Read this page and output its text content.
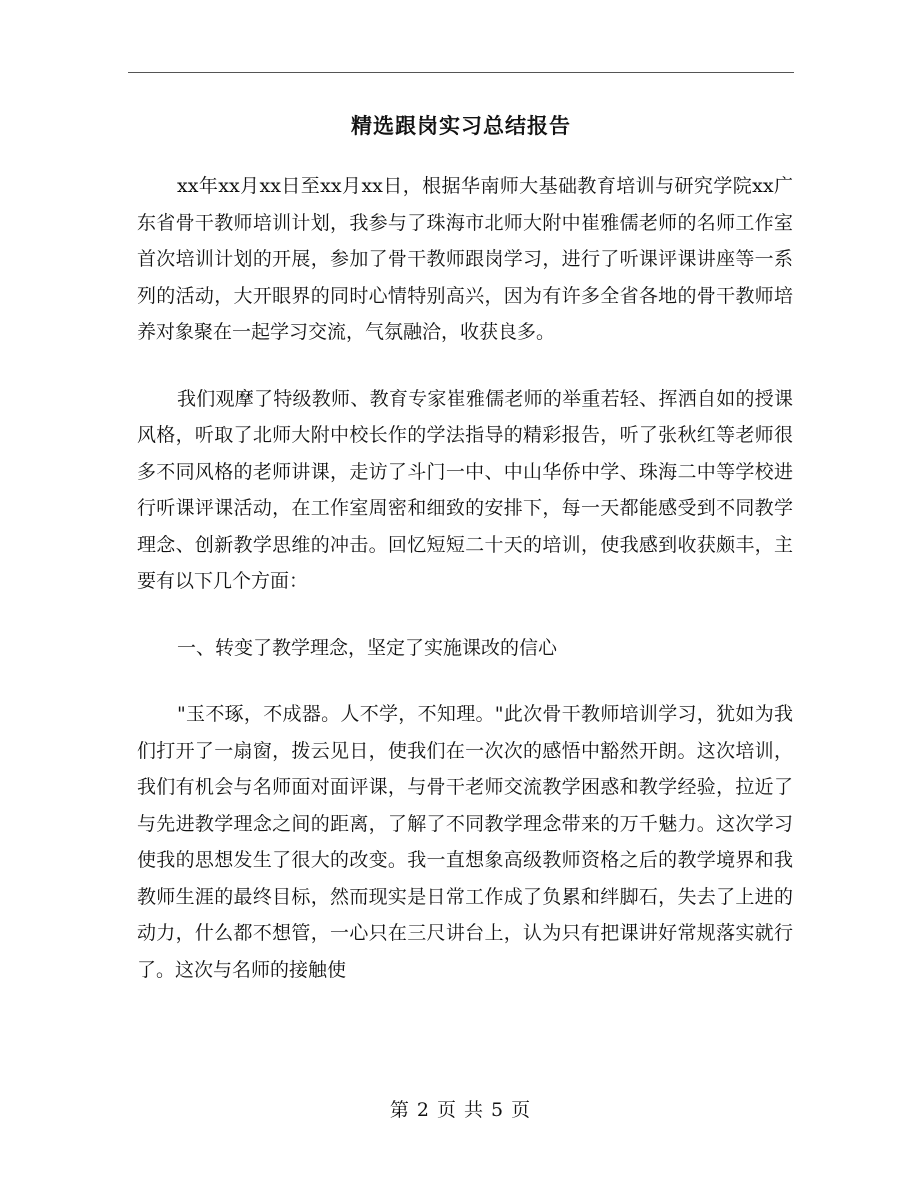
精选跟岗实习总结报告

xx年xx月xx日至xx月xx日，根据华南师大基础教育培训与研究学院xx广东省骨干教师培训计划，我参与了珠海市北师大附中崔雅儒老师的名师工作室首次培训计划的开展，参加了骨干教师跟岗学习，进行了听课评课讲座等一系列的活动，大开眼界的同时心情特别高兴，因为有许多全省各地的骨干教师培养对象聚在一起学习交流，气氛融洽，收获良多。

我们观摩了特级教师、教育专家崔雅儒老师的举重若轻、挥洒自如的授课风格，听取了北师大附中校长作的学法指导的精彩报告，听了张秋红等老师很多不同风格的老师讲课，走访了斗门一中、中山华侨中学、珠海二中等学校进行听课评课活动，在工作室周密和细致的安排下，每一天都能感受到不同教学理念、创新教学思维的冲击。回忆短短二十天的培训，使我感到收获颇丰，主要有以下几个方面：

一、转变了教学理念，坚定了实施课改的信心

"玉不琢，不成器。人不学，不知理。"此次骨干教师培训学习，犹如为我们打开了一扇窗，拨云见日，使我们在一次次的感悟中豁然开朗。这次培训，我们有机会与名师面对面评课，与骨干老师交流教学困惑和教学经验，拉近了与先进教学理念之间的距离，了解了不同教学理念带来的万千魅力。这次学习使我的思想发生了很大的改变。我一直想象高级教师资格之后的教学境界和我教师生涯的最终目标，然而现实是日常工作成了负累和绊脚石，失去了上进的动力，什么都不想管，一心只在三尺讲台上，认为只有把课讲好常规落实就行了。这次与名师的接触使

第 2 页 共 5 页
